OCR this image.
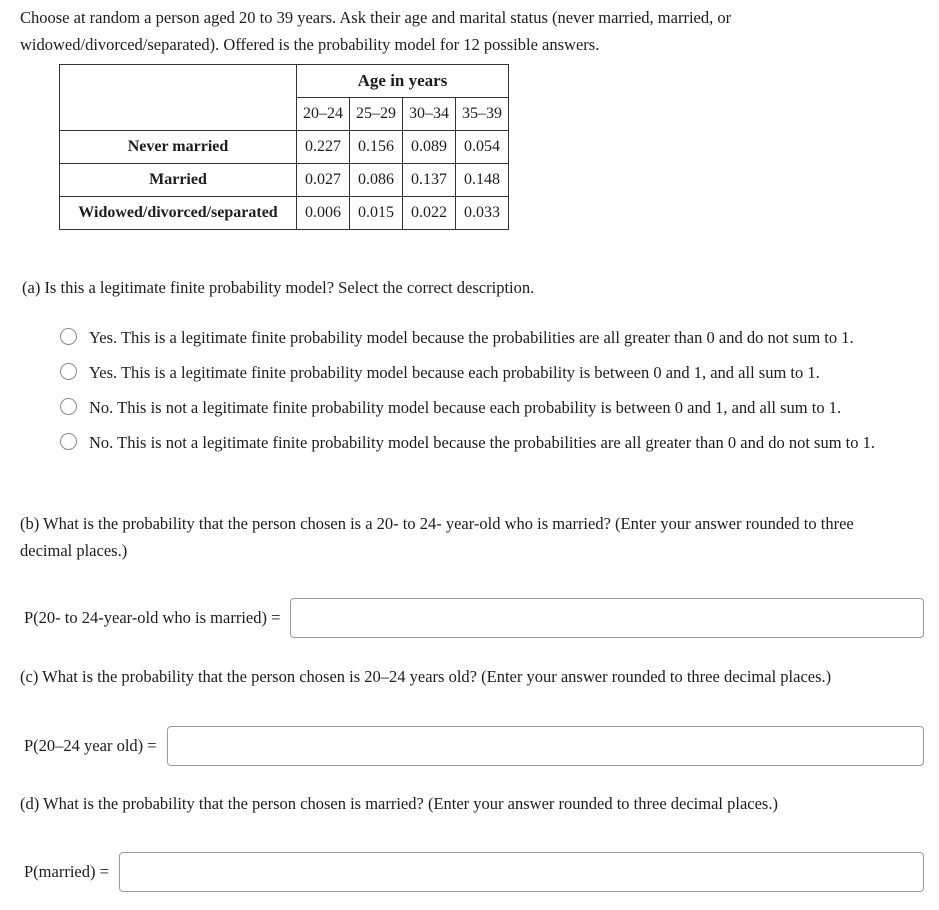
Choose at random a person aged 20 to 39 years. Ask their age and marital status (never married, married, or
widowed/divorced/separated). Offered is the probability model for 12 possible answers.
	Age in years			
	20–24	25–29	30–34	35–39
Never married	0.227	0.156	0.089	0.054
Married	0.027	0.086	0.137	0.148
Widowed/divorced/separated	0.006	0.015	0.022	0.033
(a) Is this a legitimate finite probability model? Select the correct description.
Yes. This is a legitimate finite probability model because the probabilities are all greater than 0 and do not sum to 1.
Yes. This is a legitimate finite probability model because each probability is between 0 and 1, and all sum to 1.
No. This is not a legitimate finite probability model because each probability is between 0 and 1, and all sum to 1.
No. This is not a legitimate finite probability model because the probabilities are all greater than 0 and do not sum to 1.
(b) What is the probability that the person chosen is a 20- to 24- year-old who is married? (Enter your answer rounded to three decimal places.)
P(20- to 24-year-old who is married) =
(c) What is the probability that the person chosen is 20–24 years old? (Enter your answer rounded to three decimal places.)
P(20–24 year old) =
(d) What is the probability that the person chosen is married? (Enter your answer rounded to three decimal places.)
P(married) =
